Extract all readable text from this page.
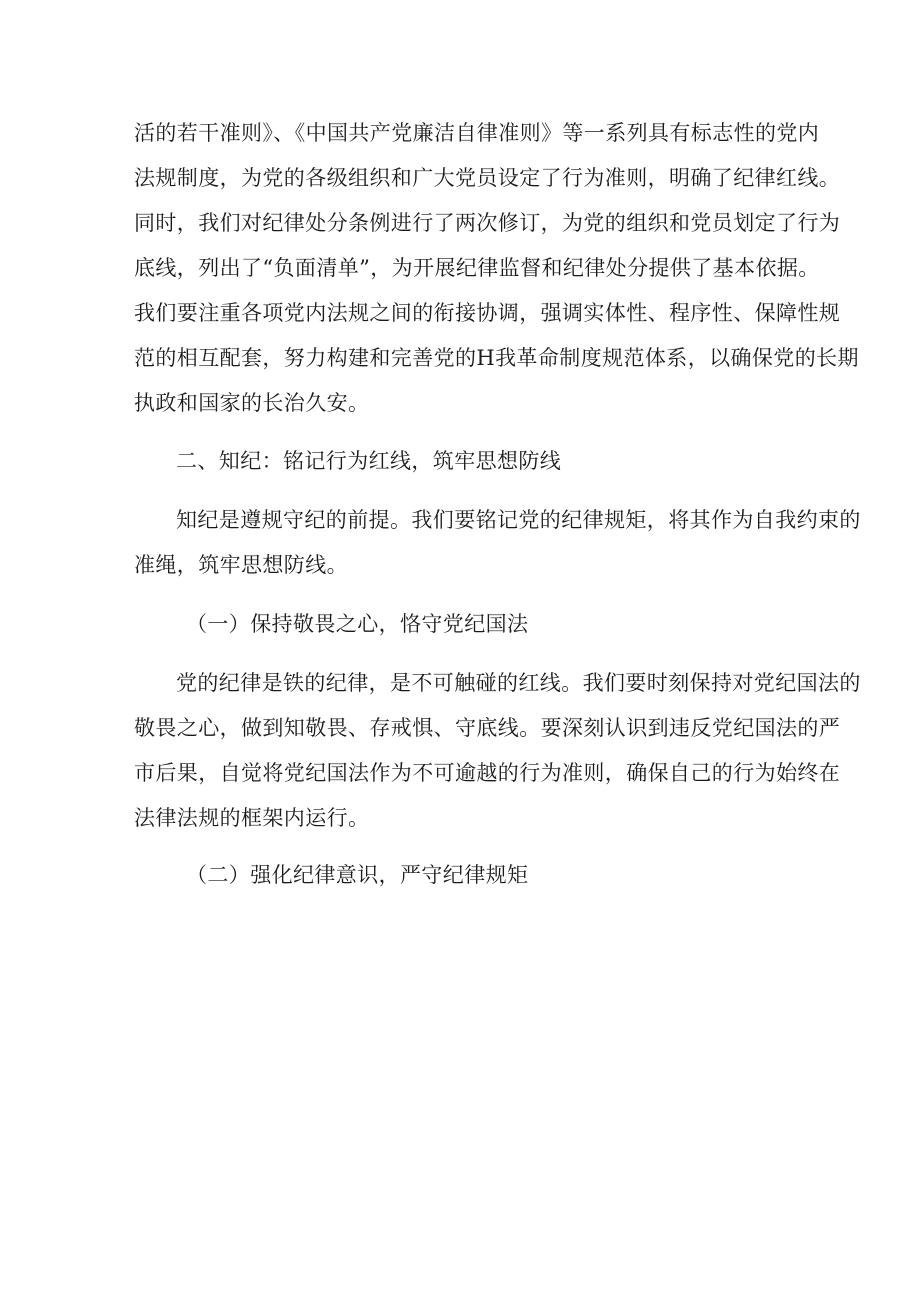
活的若干准则》、《中国共产党廉洁自律准则》等一系列具有标志性的党内
法规制度，为党的各级组织和广大党员设定了行为准则，明确了纪律红线。
同时，我们对纪律处分条例进行了两次修订，为党的组织和党员划定了行为
底线，列出了“负面清单”，为开展纪律监督和纪律处分提供了基本依据。
我们要注重各项党内法规之间的衔接协调，强调实体性、程序性、保障性规
范的相互配套，努力构建和完善党的H我革命制度规范体系，以确保党的长期
执政和国家的长治久安。
二、知纪：铭记行为红线，筑牢思想防线
知纪是遵规守纪的前提。我们要铭记党的纪律规矩，将其作为自我约束的
准绳，筑牢思想防线。
（一）保持敬畏之心，恪守党纪国法
党的纪律是铁的纪律，是不可触碰的红线。我们要时刻保持对党纪国法的
敬畏之心，做到知敬畏、存戒惧、守底线。要深刻认识到违反党纪国法的严
市后果，自觉将党纪国法作为不可逾越的行为准则，确保自己的行为始终在
法律法规的框架内运行。
（二）强化纪律意识，严守纪律规矩
